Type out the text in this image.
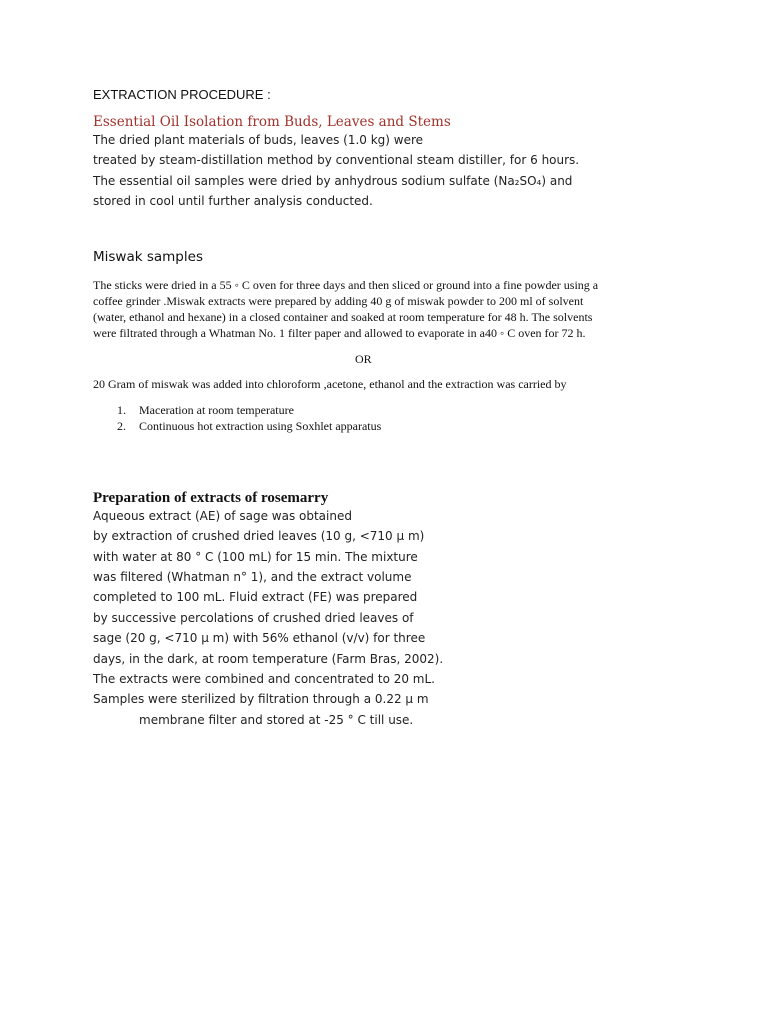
EXTRACTION PROCEDURE :
Essential Oil Isolation from Buds, Leaves and Stems
The dried plant materials of buds, leaves (1.0 kg) were
treated by steam-distillation method by conventional steam distiller, for 6 hours.
The essential oil samples were dried by anhydrous sodium sulfate (Na₂SO₄) and
stored in cool until further analysis conducted.
Miswak samples
The sticks were dried in a 55 ◦ C oven for three days and then sliced or ground into a fine powder using a
coffee grinder .Miswak extracts were prepared by adding 40 g of miswak powder to 200 ml of solvent
(water, ethanol and hexane) in a closed container and soaked at room temperature for 48 h. The solvents
were filtrated through a Whatman No. 1 filter paper and allowed to evaporate in a40 ◦ C oven for 72 h.
OR
20 Gram of miswak was added into chloroform ,acetone, ethanol and the extraction was carried by
1. Maceration at room temperature
2. Continuous hot extraction using Soxhlet apparatus
Preparation of extracts of rosemarry
Aqueous extract (AE) of sage was obtained
by extraction of crushed dried leaves (10 g, <710 μ m)
with water at 80 ° C (100 mL) for 15 min. The mixture
was filtered (Whatman n° 1), and the extract volume
completed to 100 mL. Fluid extract (FE) was prepared
by successive percolations of crushed dried leaves of
sage (20 g, <710 μ m) with 56% ethanol (v/v) for three
days, in the dark, at room temperature (Farm Bras, 2002).
The extracts were combined and concentrated to 20 mL.
Samples were sterilized by filtration through a 0.22 μ m
membrane filter and stored at -25 ° C till use.
